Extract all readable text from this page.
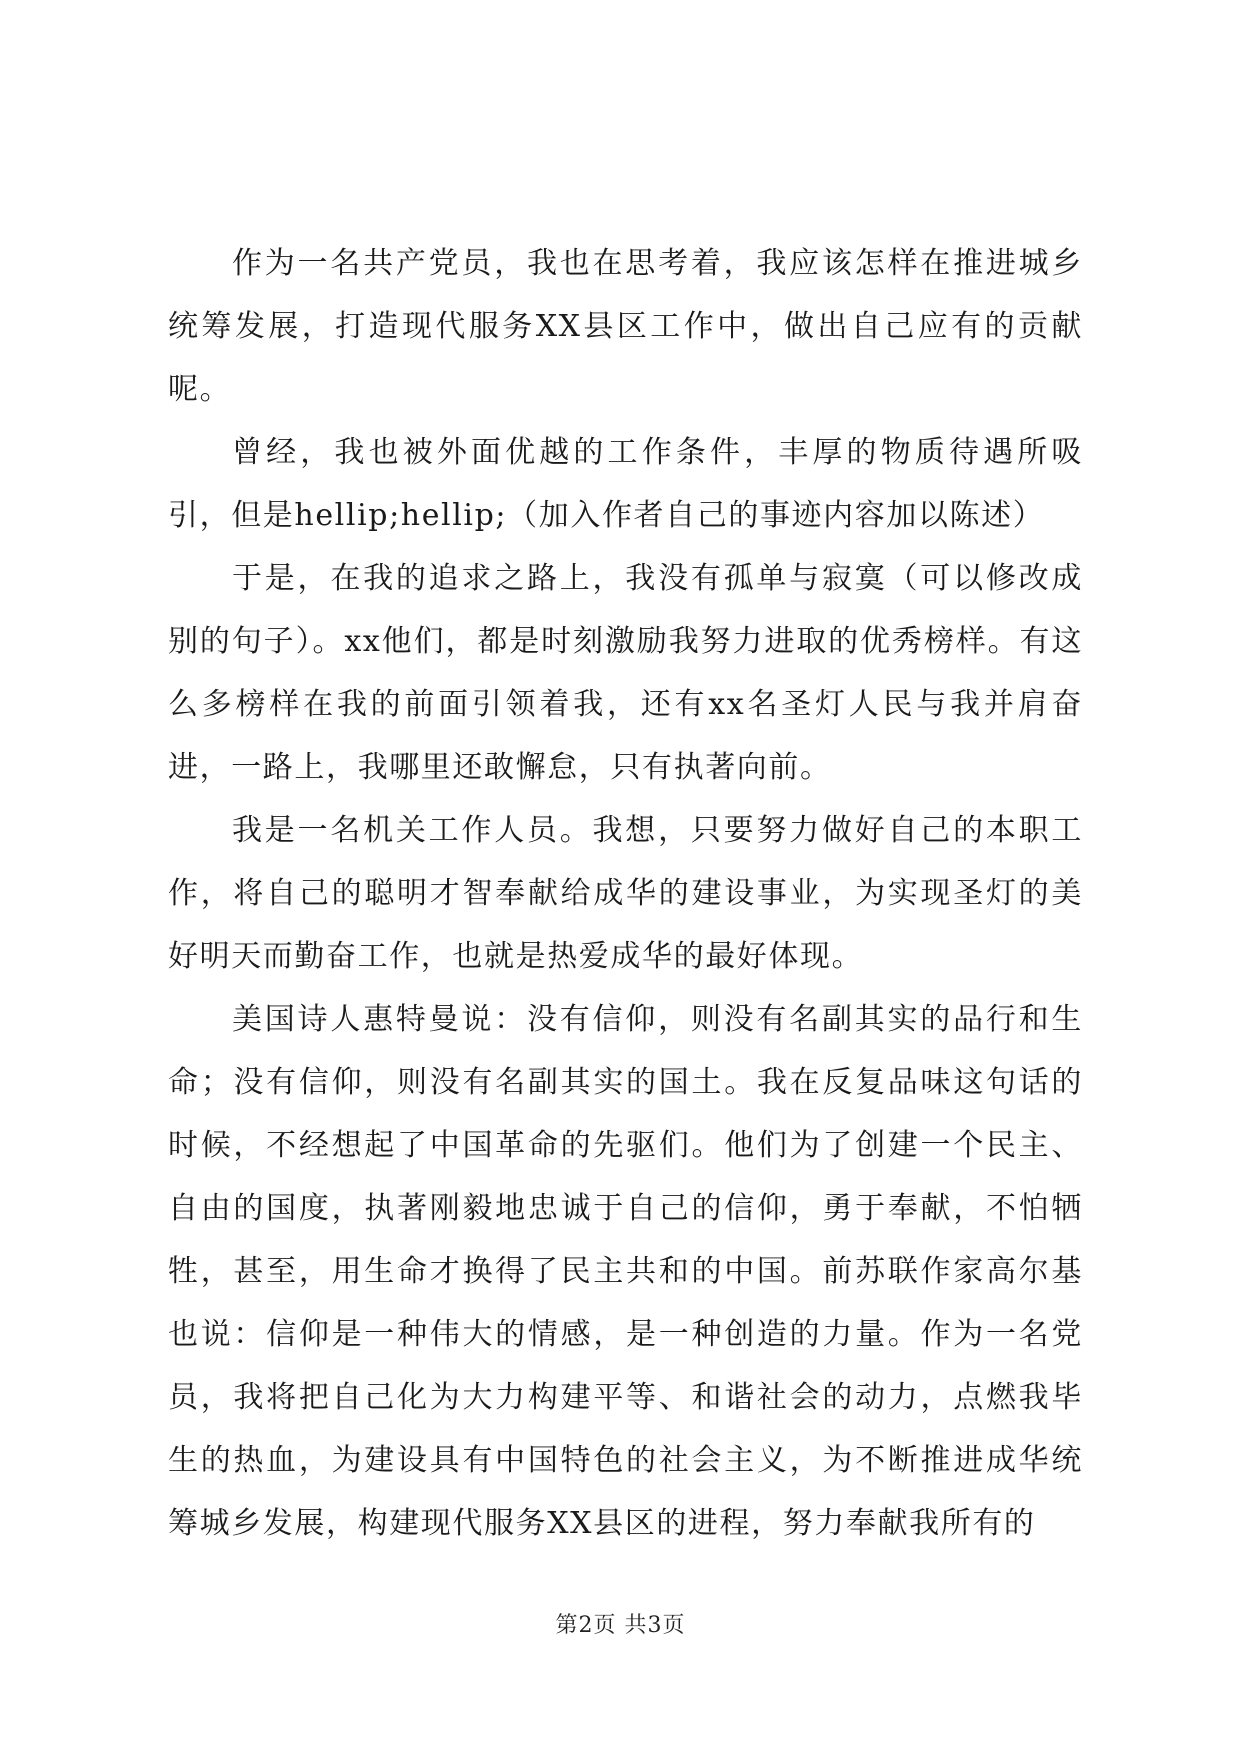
作为一名共产党员，我也在思考着，我应该怎样在推进城乡统筹发展，打造现代服务XX县区工作中，做出自己应有的贡献呢。

曾经，我也被外面优越的工作条件，丰厚的物质待遇所吸引，但是hellip;hellip;（加入作者自己的事迹内容加以陈述）

于是，在我的追求之路上，我没有孤单与寂寞（可以修改成别的句子）。xx他们，都是时刻激励我努力进取的优秀榜样。有这么多榜样在我的前面引领着我，还有xx名圣灯人民与我并肩奋进，一路上，我哪里还敢懈怠，只有执著向前。

我是一名机关工作人员。我想，只要努力做好自己的本职工作，将自己的聪明才智奉献给成华的建设事业，为实现圣灯的美好明天而勤奋工作，也就是热爱成华的最好体现。

美国诗人惠特曼说：没有信仰，则没有名副其实的品行和生命；没有信仰，则没有名副其实的国土。我在反复品味这句话的时候，不经想起了中国革命的先驱们。他们为了创建一个民主、自由的国度，执著刚毅地忠诚于自己的信仰，勇于奉献，不怕牺牲，甚至，用生命才换得了民主共和的中国。前苏联作家高尔基也说：信仰是一种伟大的情感，是一种创造的力量。作为一名党员，我将把自己化为大力构建平等、和谐社会的动力，点燃我毕生的热血，为建设具有中国特色的社会主义，为不断推进成华统筹城乡发展，构建现代服务XX县区的进程，努力奉献我所有的

第2页 共3页
